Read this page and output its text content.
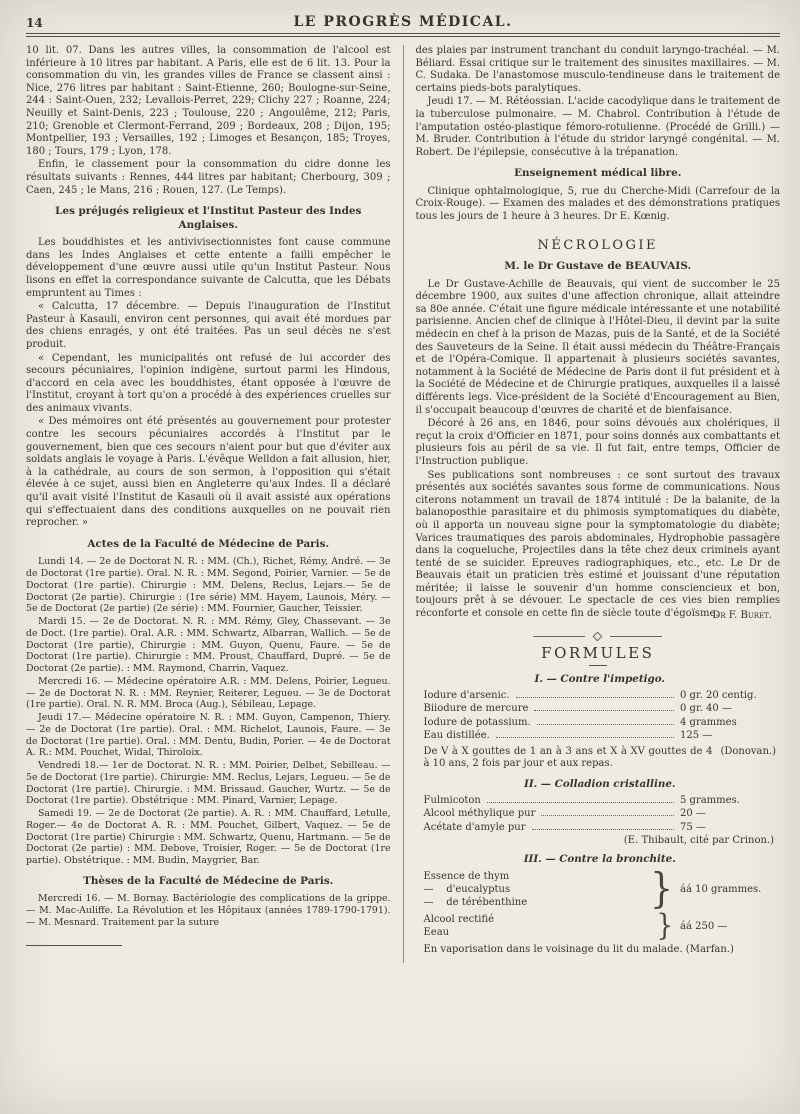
14	LE PROGRÈS MÉDICAL.

10 lit. 07. Dans les autres villes, la consommation de l'alcool est inférieure à 10 litres par habitant. A Paris, elle est de 6 lit. 13. Pour la consommation du vin, les grandes villes de France se classent ainsi : Nice, 276 litres par habitant : Saint-Etienne, 260; Boulogne-sur-Seine, 244 : Saint-Ouen, 232; Levallois-Perret, 229; Clichy 227 ; Roanne, 224; Neuilly et Saint-Denis, 223 ; Toulouse, 220 ; Angoulême, 212; Paris, 210; Grenoble et Clermont-Ferrand, 209 ; Bordeaux, 208 ; Dijon, 195; Montpellier, 193 ; Versailles, 192 ; Limoges et Besançon, 185; Troyes, 180 ; Tours, 179 ; Lyon, 178.

Enfin, le classement pour la consommation du cidre donne les résultats suivants : Rennes, 444 litres par habitant; Cherbourg, 309 ; Caen, 245 ; le Mans, 216 ; Rouen, 127. (Le Temps).

Les préjugés religieux et l'Institut Pasteur des Indes Anglaises.

Les bouddhistes et les antivivisectionnistes font cause commune dans les Indes Anglaises et cette entente a failli empêcher le développement d'une œuvre aussi utile qu'un Institut Pasteur. Nous lisons en effet la correspondance suivante de Calcutta, que les Débats empruntent au Times :

« Calcutta, 17 décembre. — Depuis l'inauguration de l'Institut Pasteur à Kasauli, environ cent personnes, qui avait été mordues par des chiens enragés, y ont été traitées. Pas un seul décès ne s'est produit.

« Cependant, les municipalités ont refusé de lui accorder des secours pécuniaires, l'opinion indigène, surtout parmi les Hindous, d'accord en cela avec les bouddhistes, étant opposée à l'œuvre de l'Institut, croyant à tort qu'on a procédé à des expériences cruelles sur des animaux vivants.

« Des mémoires ont été présentés au gouvernement pour protester contre les secours pécuniaires accordés à l'Institut par le gouvernement, bien que ces secours n'aient pour but que d'éviter aux soldats anglais le voyage à Paris. L'évêque Welldon a fait allusion, hier, à la cathédrale, au cours de son sermon, à l'opposition qui s'était élevée à ce sujet, aussi bien en Angleterre qu'aux Indes. Il a déclaré qu'il avait visité l'Institut de Kasauli où il avait assisté aux opérations qui s'effectuaient dans des conditions auxquelles on ne pouvait rien reprocher. »

Actes de la Faculté de Médecine de Paris.

Lundi 14. — 2e de Doctorat N. R. : MM. (Ch.), Richet, Rémy, André. — 3e de Doctorat (1re partie). Oral. N. R. : MM. Segond, Poirier, Varnier. — 5e de Doctorat (1re partie). Chirurgie : MM. Delens, Reclus, Lejars.— 5e de Doctorat (2e partie). Chirurgie : (1re série) MM. Hayem, Launois, Méry. — 5e de Doctorat (2e partie) (2e série) : MM. Fournier, Gaucher, Teissier.

Mardi 15. — 2e de Doctorat. N. R. : MM. Rémy, Gley, Chassevant. — 3e de Doct. (1re partie). Oral. A.R. : MM. Schwartz, Albarran, Wallich. — 5e de Doctorat (1re partie), Chirurgie : MM. Guyon, Quenu, Faure. — 5e de Doctorat (1re partie). Chirurgie : MM. Proust, Chauffard, Dupré. — 5e de Doctorat (2e partie). : MM. Raymond, Charrin, Vaquez.

Mercredi 16. — Médecine opératoire A.R. : MM. Delens, Poirier, Legueu. — 2e de Doctorat N. R. : MM. Reynier, Reiterer, Legueu. — 3e de Doctorat (1re partie). Oral. N. R. MM. Broca (Aug.), Sébileau, Lepage.

Jeudi 17.— Médecine opératoire N. R. : MM. Guyon, Campenon, Thiery. — 2e de Doctorat (1re partie). Oral. : MM. Richelot, Launois, Faure. — 3e de Doctorat (1re partie). Oral. : MM. Dentu, Budin, Porier. — 4e de Doctorat A. R.: MM. Pouchet, Widal, Thiroloix.

Vendredi 18.— 1er de Doctorat. N. R. : MM. Poirier, Delbet, Sebilleau. — 5e de Doctorat (1re partie). Chirurgie: MM. Reclus, Lejars, Legueu. — 5e de Doctorat (1re partie). Chirurgie. : MM. Brissaud. Gaucher, Wurtz. — 5e de Doctorat (1re partie). Obstétrique : MM. Pinard, Varnier, Lepage.

Samedi 19. — 2e de Doctorat (2e partie). A. R. : MM. Chauffard, Letulle, Roger.— 4e de Doctorat A. R. : MM. Pouchet, Gilbert, Vaquez. — 5e de Doctorat (1re partie) Chirurgie : MM. Schwartz, Quenu, Hartmann. — 5e de Doctorat (2e partie) : MM. Debove, Troisier, Roger. — 5e de Doctorat (1re partie). Obstétrique. : MM. Budin, Maygrier, Bar.

Thèses de la Faculté de Médecine de Paris.

Mercredi 16. — M. Bornay. Bactériologie des complications de la grippe. — M. Mac-Auliffe. La Révolution et les Hôpitaux (années 1789-1790-1791). — M. Mesnard. Traitement par la suture

des plaies par instrument tranchant du conduit laryngo-trachéal. — M. Béliard. Essai critique sur le traitement des sinusites maxillaires. — M. C. Sudaka. De l'anastomose musculo-tendineuse dans le traitement de certains pieds-bots paralytiques.

Jeudi 17. — M. Rétéossian. L'acide cacodylique dans le traitement de la tuberculose pulmonaire. — M. Chabrol. Contribution à l'étude de l'amputation ostéo-plastique fémoro-rotulienne. (Procédé de Grilli.) — M. Bruder. Contribution à l'étude du stridor laryngé congénital. — M. Robert. De l'épilepsie, consécutive à la trépanation.

Enseignement médical libre.

Clinique ophtalmologique, 5, rue du Cherche-Midi (Carrefour de la Croix-Rouge). — Examen des malades et des démonstrations pratiques tous les jours de 1 heure à 3 heures. Dr E. Kœnig.

NÉCROLOGIE
M. le Dr Gustave de BEAUVAIS.

Le Dr Gustave-Achille de Beauvais, qui vient de succomber le 25 décembre 1900, aux suites d'une affection chronique, allait atteindre sa 80e année. C'était une figure médicale intéressante et une notabilité parisienne. Ancien chef de clinique à l'Hôtel-Dieu, il devint par la suite médecin en chef à la prison de Mazas, puis de la Santé, et de la Société des Sauveteurs de la Seine. Il était aussi médecin du Théâtre-Français et de l'Opéra-Comique. Il appartenait à plusieurs sociétés savantes, notamment à la Société de Médecine de Paris dont il fut président et à la Société de Médecine et de Chirurgie pratiques, auxquelles il a laissé différents legs. Vice-président de la Société d'Encouragement au Bien, il s'occupait beaucoup d'œuvres de charité et de bienfaisance.

Décoré à 26 ans, en 1846, pour soins dévoués aux cholériques, il reçut la croix d'Officier en 1871, pour soins donnés aux combattants et plusieurs fois au péril de sa vie. Il fut fait, entre temps, Officier de l'Instruction publique.

Ses publications sont nombreuses : ce sont surtout des travaux présentés aux sociétés savantes sous forme de communications. Nous citerons notamment un travail de 1874 intitulé : De la balanite, de la balanoposthie parasitaire et du phimosis symptomatiques du diabète, où il apporta un nouveau signe pour la symptomatologie du diabète; Varices traumatiques des parois abdominales, Hydrophobie passagère dans la coqueluche, Projectiles dans la tête chez deux criminels ayant tenté de se suicider. Epreuves radiographiques, etc., etc. Le Dr de Beauvais était un praticien très estimé et jouissant d'une réputation méritée; il laisse le souvenir d'un homme consciencieux et bon, toujours prêt à se dévouer. Le spectacle de ces vies bien remplies réconforte et console en cette fin de siècle toute d'égoïsme.

Dr F. Buret.
FORMULES
I. — Contre l'impetigo.
Iodure d'arsenic.	0 gr. 20 centig.
Biiodure de mercure	0 gr. 40 —
Iodure de potassium.	4 grammes
Eau distillée.	125 —

(Donovan.)
De V à X gouttes de 1 an à 3 ans et X à XV gouttes de 4 à 10 ans, 2 fois par jour et aux repas.

II. — Colladion cristalline.
Fulmicoton	5 grammes.
Alcool méthylique pur	20 —
Acétate d'amyle pur	75 —
(E. Thibault, cité par Crinon.)
III. — Contre la bronchite.
Essence de thym
—    d'eucalyptus
—    de térébenthine	} áá 10 grammes.
Alcool rectifié
Eeau	} áá 250 —

En vaporisation dans le voisinage du lit du malade. (Marfan.)
